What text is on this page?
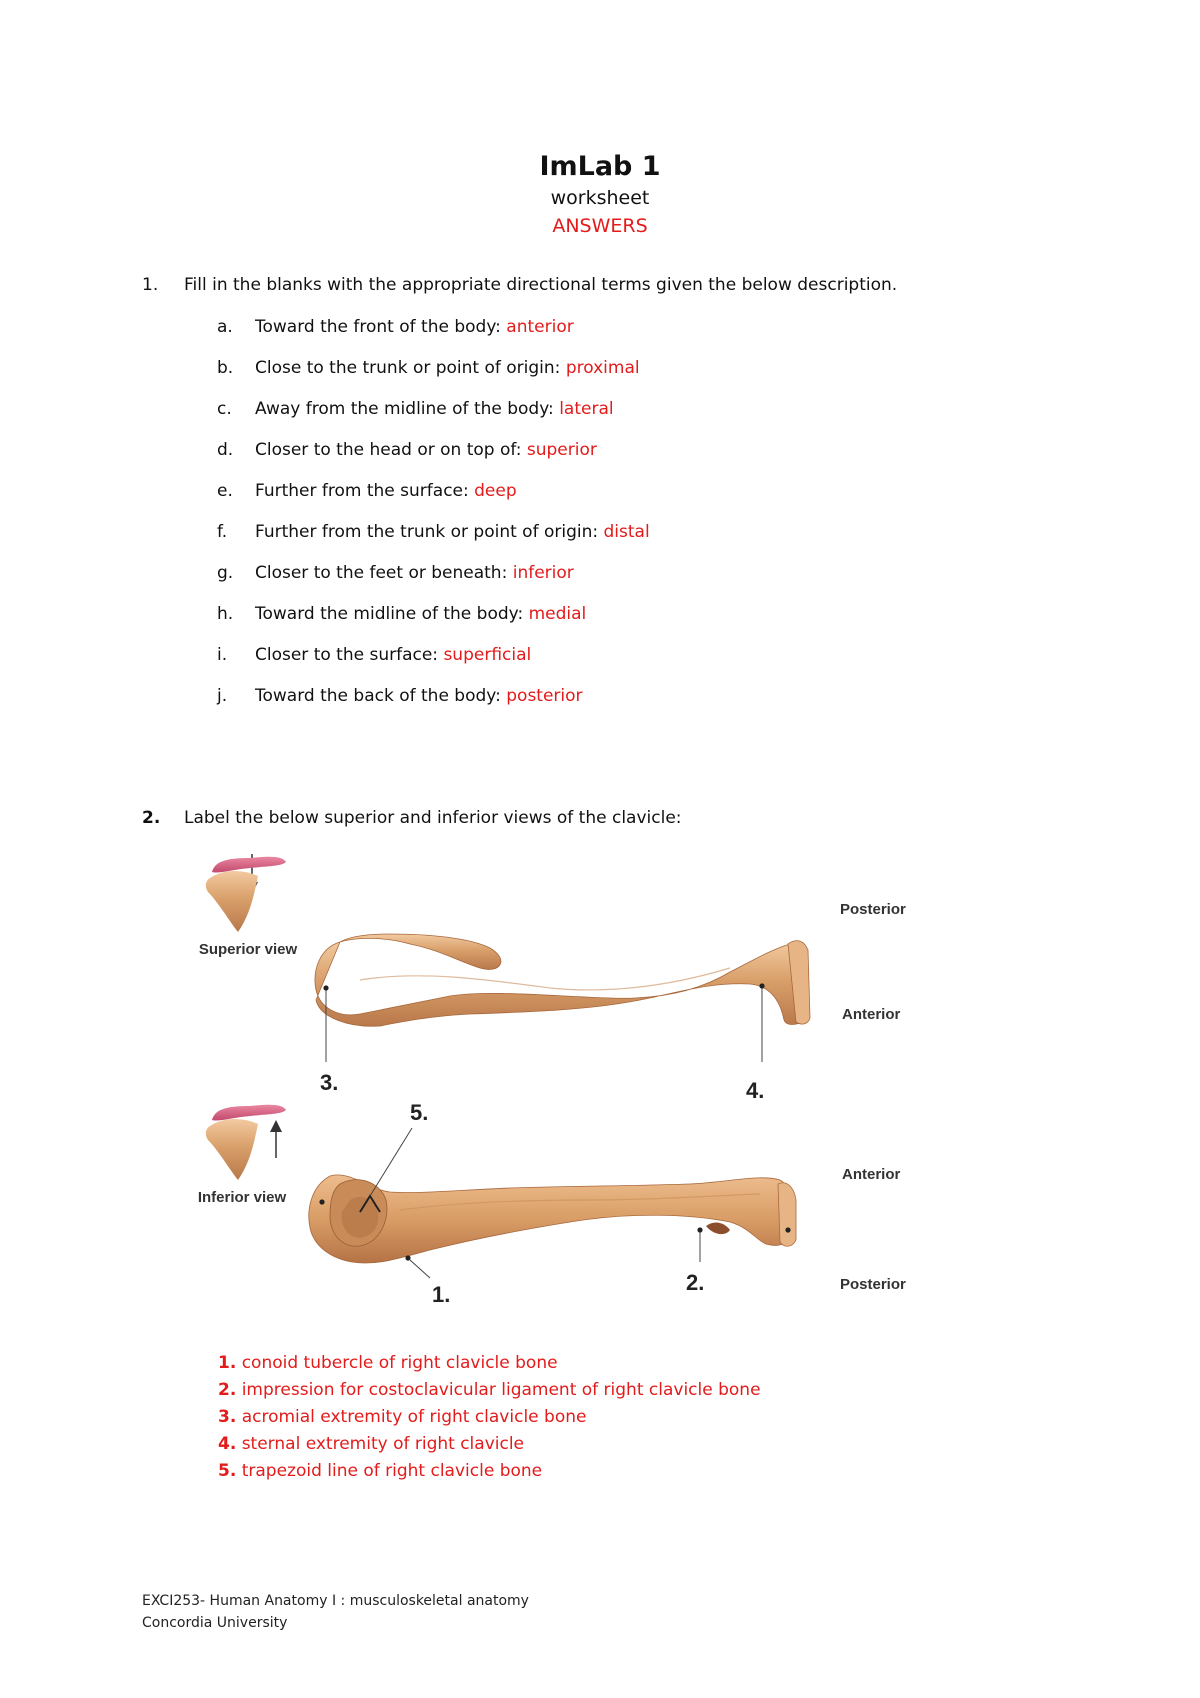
ImLab 1

worksheet

ANSWERS

1. Fill in the blanks with the appropriate directional terms given the below description.
a. Toward the front of the body: anterior
b. Close to the trunk or point of origin: proximal
c. Away from the midline of the body: lateral
d. Closer to the head or on top of: superior
e. Further from the surface: deep
f. Further from the trunk or point of origin: distal
g. Closer to the feet or beneath: inferior
h. Toward the midline of the body: medial
i. Closer to the surface: superficial
j. Toward the back of the body: posterior
2. Label the below superior and inferior views of the clavicle:
Superior view
Inferior view
3.	4.
Posterior
Anterior
5.
1.	2.
Anterior
Posterior
1. conoid tubercle of right clavicle bone
2. impression for costoclavicular ligament of right clavicle bone
3. acromial extremity of right clavicle bone
4. sternal extremity of right clavicle
5. trapezoid line of right clavicle bone
EXCI253- Human Anatomy I : musculoskeletal anatomy
Concordia University
